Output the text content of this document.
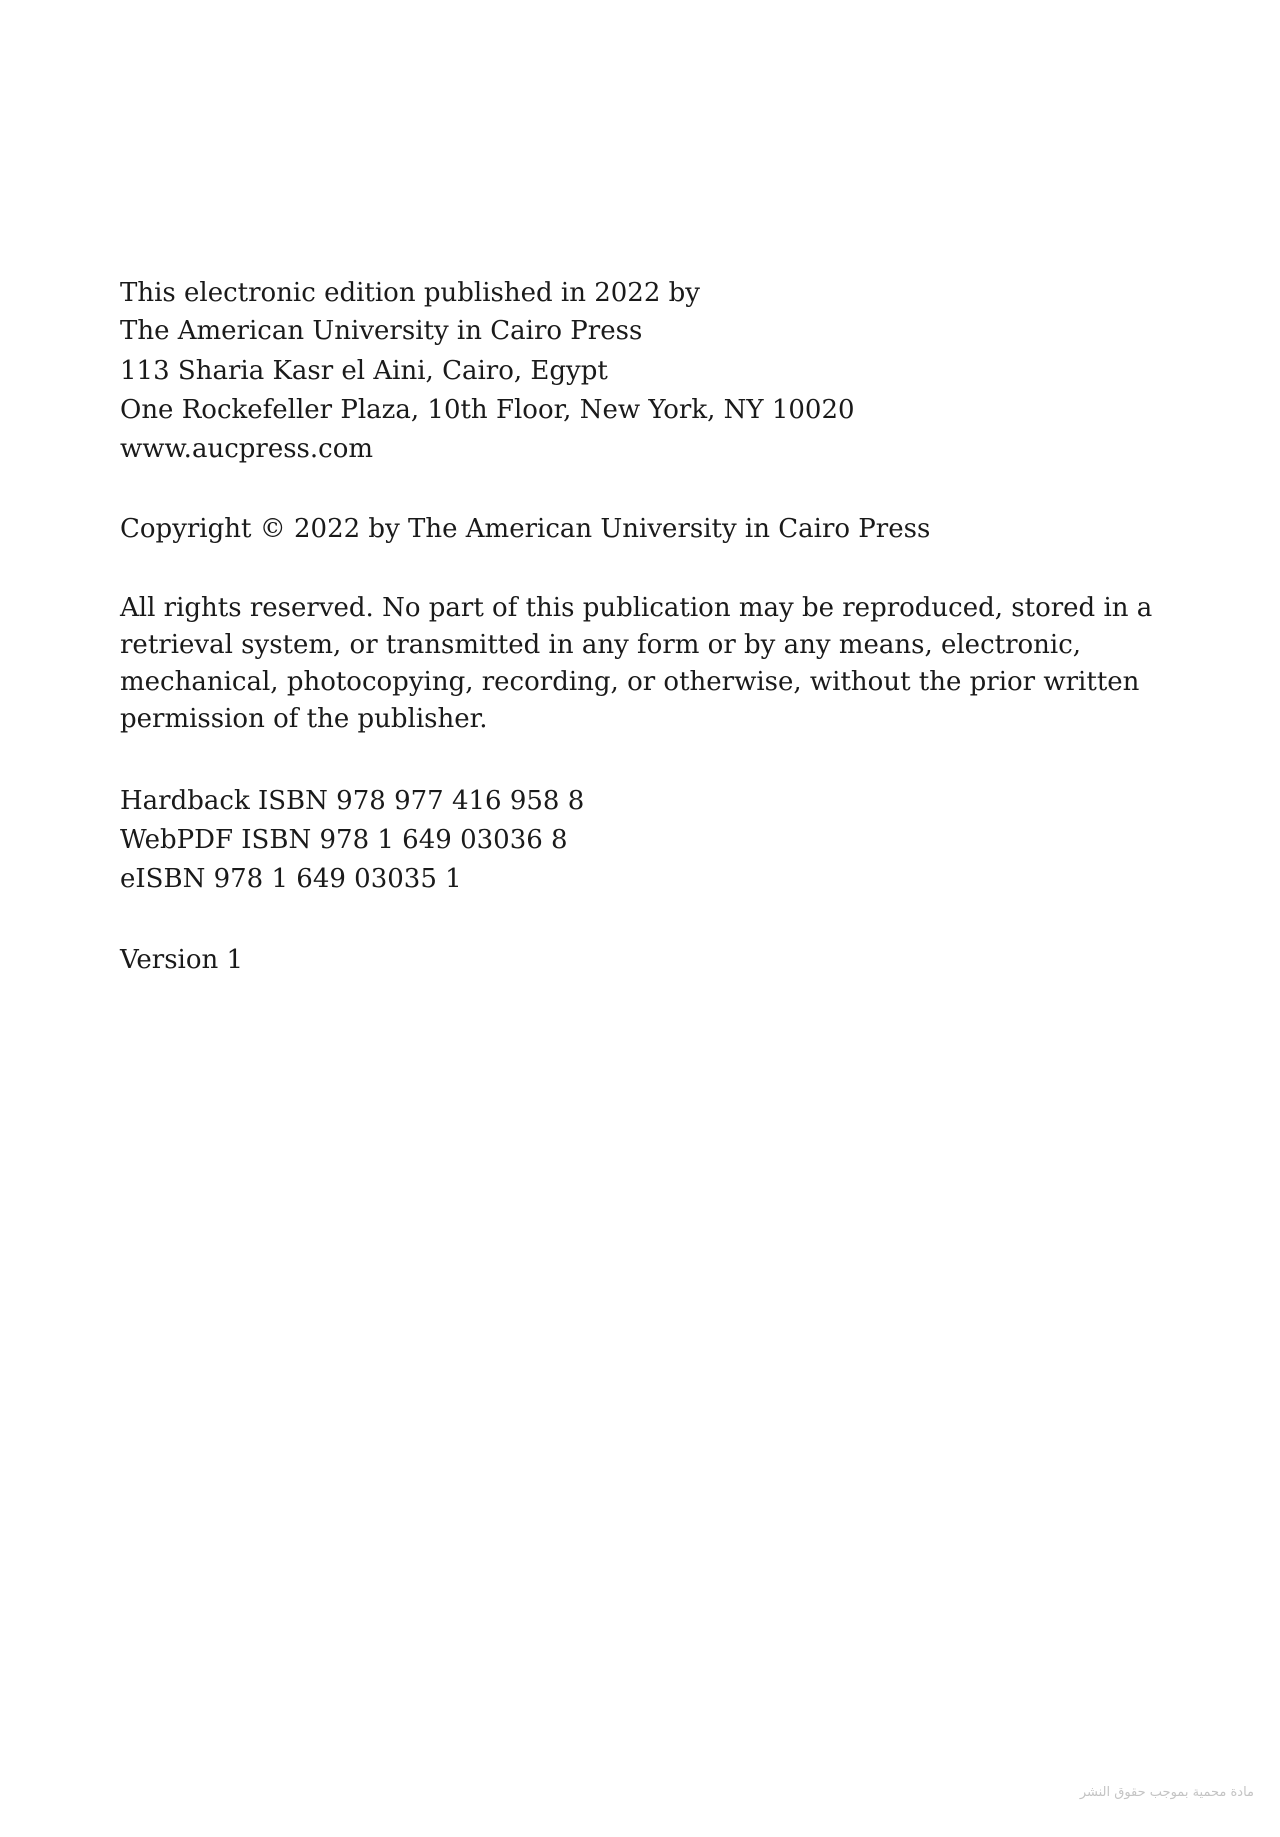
This electronic edition published in 2022 by
The American University in Cairo Press
113 Sharia Kasr el Aini, Cairo, Egypt
One Rockefeller Plaza, 10th Floor, New York, NY 10020
www.aucpress.com
Copyright © 2022 by The American University in Cairo Press
All rights reserved. No part of this publication may be reproduced, stored in a
retrieval system, or transmitted in any form or by any means, electronic,
mechanical, photocopying, recording, or otherwise, without the prior written
permission of the publisher.
Hardback ISBN 978 977 416 958 8
WebPDF ISBN 978 1 649 03036 8
eISBN 978 1 649 03035 1
Version 1
مادة محمية بموجب حقوق النشر
